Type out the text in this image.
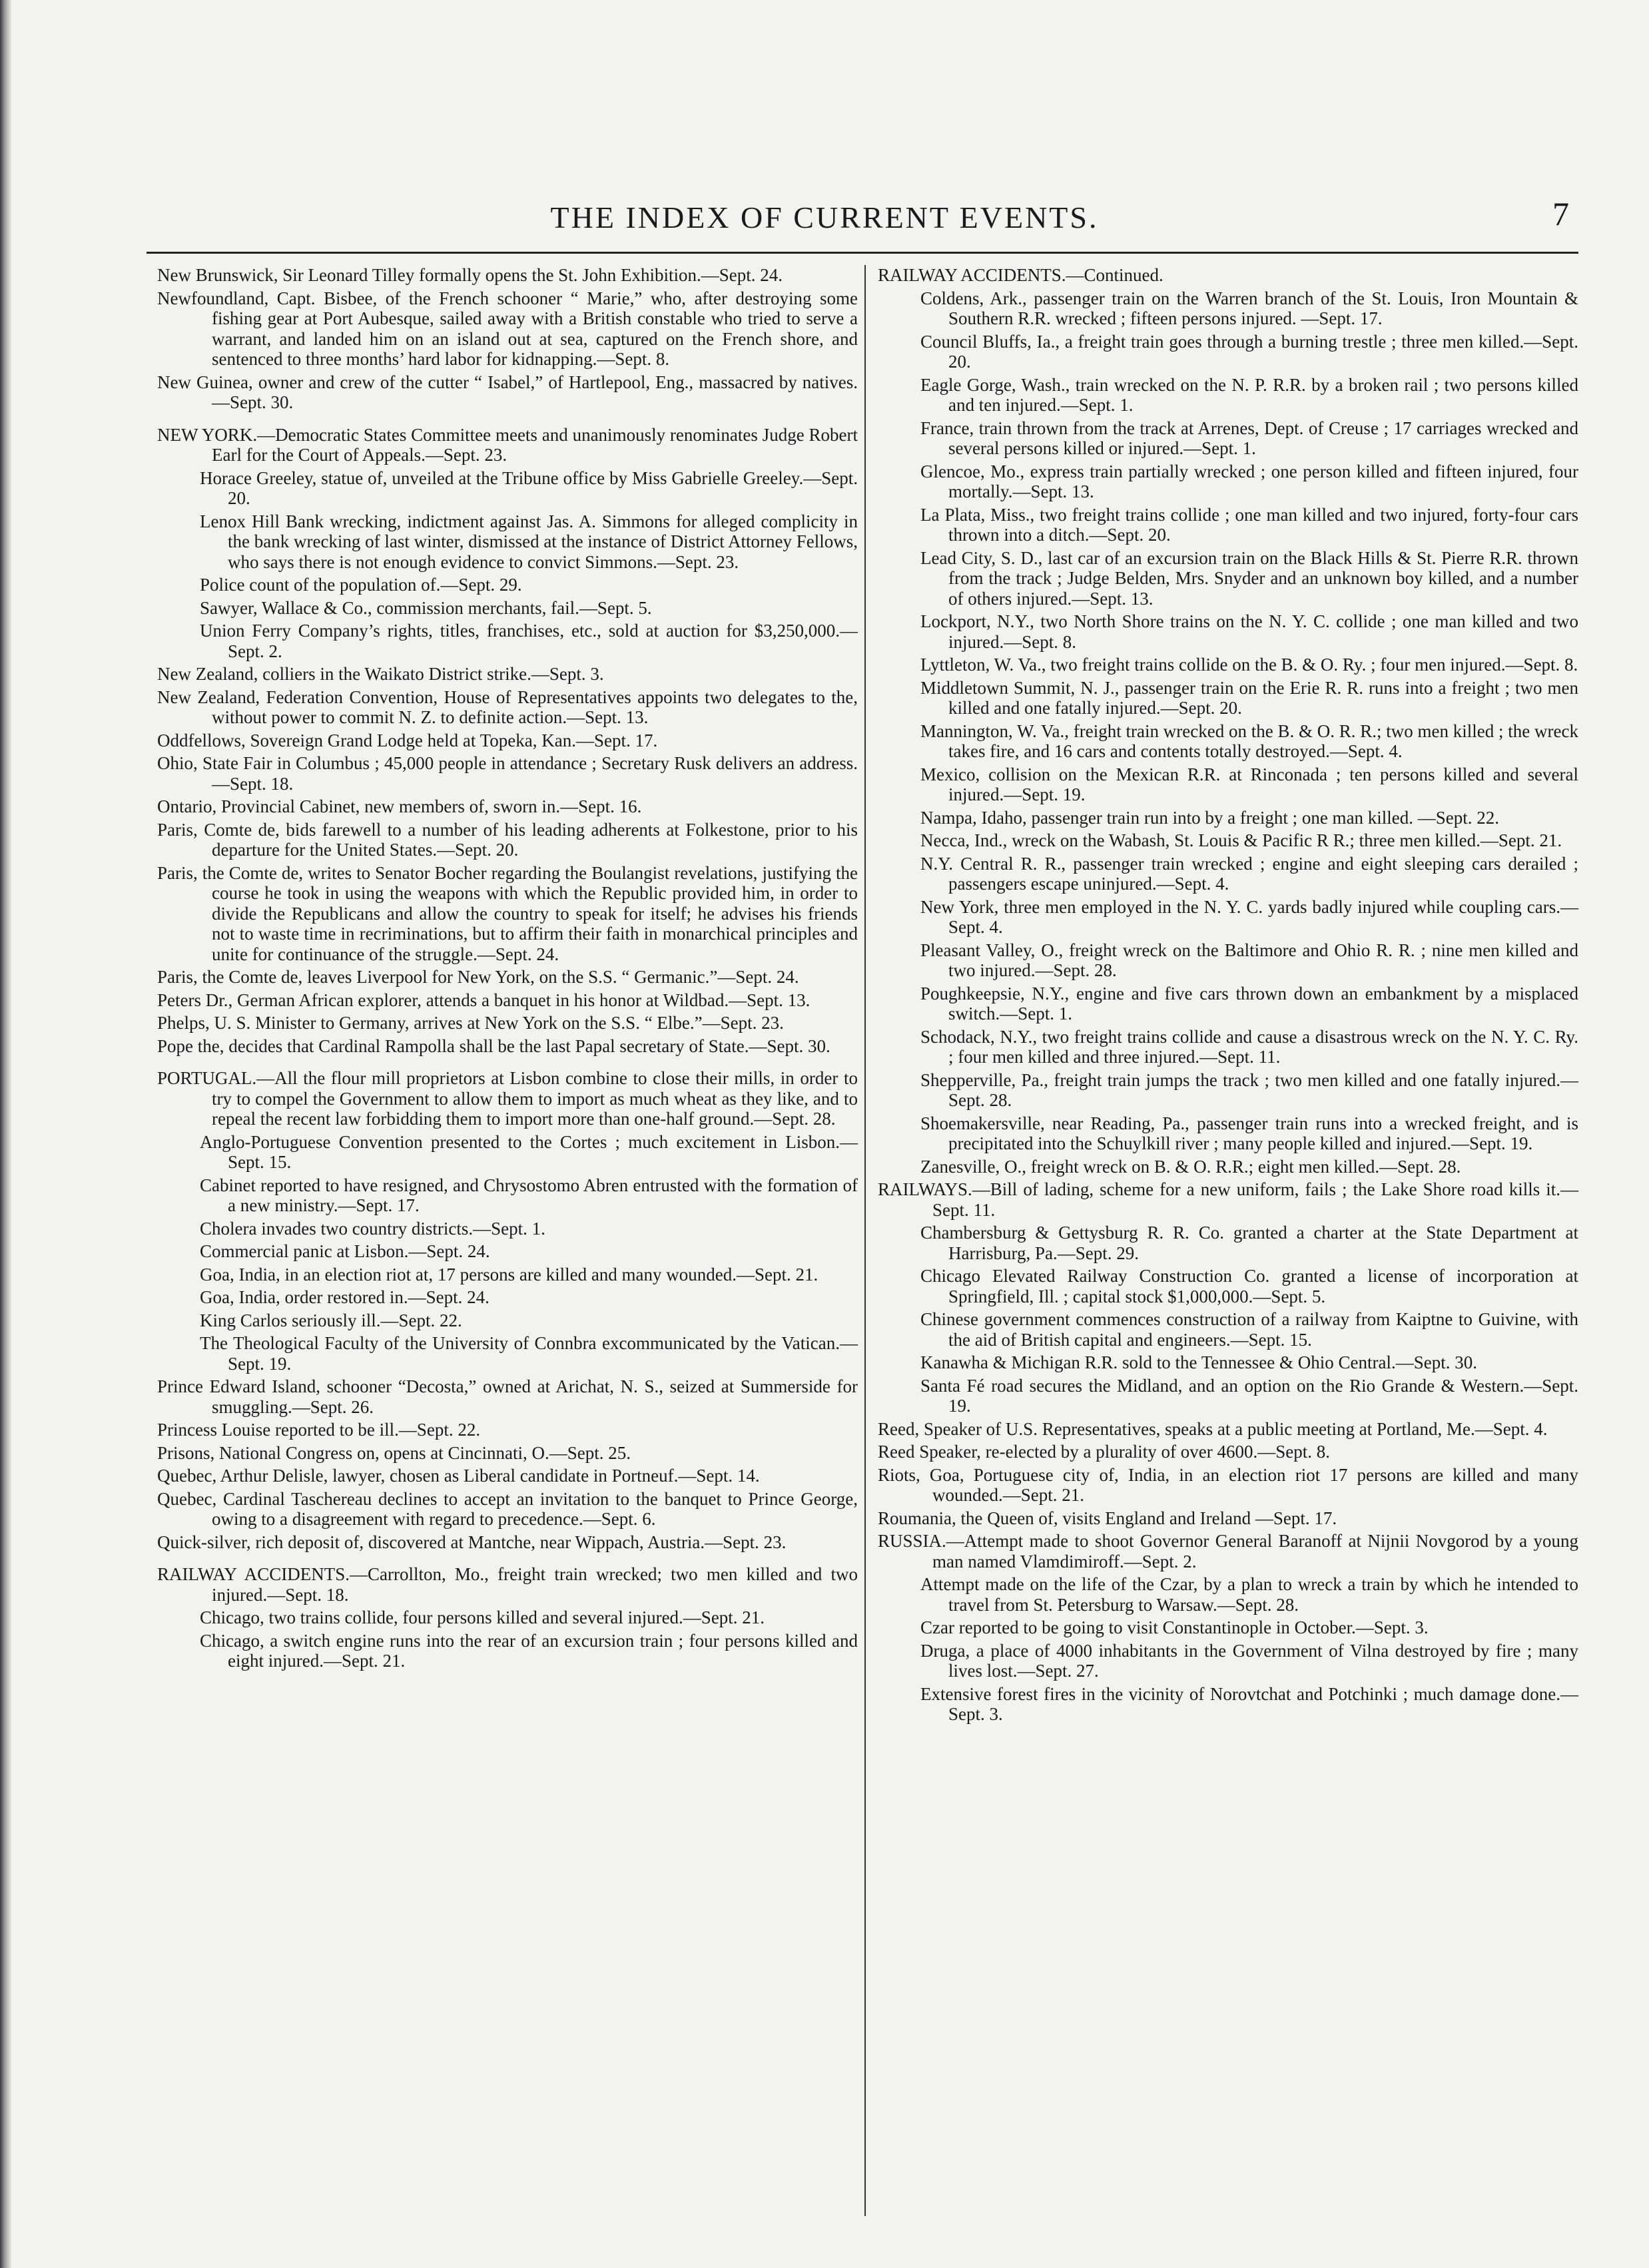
THE INDEX OF CURRENT EVENTS.	7

New Brunswick, Sir Leonard Tilley formally opens the St. John Exhibition.—Sept. 24.

Newfoundland, Capt. Bisbee, of the French schooner “ Marie,” who, after destroying some fishing gear at Port Aubesque, sailed away with a British constable who tried to serve a warrant, and landed him on an island out at sea, captured on the French shore, and sentenced to three months’ hard labor for kidnapping.—Sept. 8.

New Guinea, owner and crew of the cutter “ Isabel,” of Hartlepool, Eng., massacred by natives.—Sept. 30.

NEW YORK.—Democratic States Committee meets and unanimously renominates Judge Robert Earl for the Court of Appeals.—Sept. 23.

Horace Greeley, statue of, unveiled at the Tribune office by Miss Gabrielle Greeley.—Sept. 20.

Lenox Hill Bank wrecking, indictment against Jas. A. Simmons for alleged complicity in the bank wrecking of last winter, dismissed at the instance of District Attorney Fellows, who says there is not enough evidence to convict Simmons.—Sept. 23.

Police count of the population of.—Sept. 29.

Sawyer, Wallace & Co., commission merchants, fail.—Sept. 5.

Union Ferry Company’s rights, titles, franchises, etc., sold at auction for $3,250,000.—Sept. 2.

New Zealand, colliers in the Waikato District strike.—Sept. 3.

New Zealand, Federation Convention, House of Representatives appoints two delegates to the, without power to commit N. Z. to definite action.—Sept. 13.

Oddfellows, Sovereign Grand Lodge held at Topeka, Kan.—Sept. 17.

Ohio, State Fair in Columbus ; 45,000 people in attendance ; Secretary Rusk delivers an address.—Sept. 18.

Ontario, Provincial Cabinet, new members of, sworn in.—Sept. 16.

Paris, Comte de, bids farewell to a number of his leading adherents at Folkestone, prior to his departure for the United States.—Sept. 20.

Paris, the Comte de, writes to Senator Bocher regarding the Boulangist revelations, justifying the course he took in using the weapons with which the Republic provided him, in order to divide the Republicans and allow the country to speak for itself; he advises his friends not to waste time in recriminations, but to affirm their faith in monarchical principles and unite for continuance of the struggle.—Sept. 24.

Paris, the Comte de, leaves Liverpool for New York, on the S.S. “ Germanic.”—Sept. 24.

Peters Dr., German African explorer, attends a banquet in his honor at Wildbad.—Sept. 13.

Phelps, U. S. Minister to Germany, arrives at New York on the S.S. “ Elbe.”—Sept. 23.

Pope the, decides that Cardinal Rampolla shall be the last Papal secretary of State.—Sept. 30.

PORTUGAL.—All the flour mill proprietors at Lisbon combine to close their mills, in order to try to compel the Government to allow them to import as much wheat as they like, and to repeal the recent law forbidding them to import more than one-half ground.—Sept. 28.

Anglo-Portuguese Convention presented to the Cortes ; much excitement in Lisbon.—Sept. 15.

Cabinet reported to have resigned, and Chrysostomo Abren entrusted with the formation of a new ministry.—Sept. 17.

Cholera invades two country districts.—Sept. 1.

Commercial panic at Lisbon.—Sept. 24.

Goa, India, in an election riot at, 17 persons are killed and many wounded.—Sept. 21.

Goa, India, order restored in.—Sept. 24.

King Carlos seriously ill.—Sept. 22.

The Theological Faculty of the University of Connbra excommunicated by the Vatican.—Sept. 19.

Prince Edward Island, schooner “Decosta,” owned at Arichat, N. S., seized at Summerside for smuggling.—Sept. 26.

Princess Louise reported to be ill.—Sept. 22.

Prisons, National Congress on, opens at Cincinnati, O.—Sept. 25.

Quebec, Arthur Delisle, lawyer, chosen as Liberal candidate in Portneuf.—Sept. 14.

Quebec, Cardinal Taschereau declines to accept an invitation to the banquet to Prince George, owing to a disagreement with regard to precedence.—Sept. 6.

Quick-silver, rich deposit of, discovered at Mantche, near Wippach, Austria.—Sept. 23.

RAILWAY ACCIDENTS.—Carrollton, Mo., freight train wrecked; two men killed and two injured.—Sept. 18.

Chicago, two trains collide, four persons killed and several injured.—Sept. 21.

Chicago, a switch engine runs into the rear of an excursion train ; four persons killed and eight injured.—Sept. 21.

RAILWAY ACCIDENTS.—Continued.

Coldens, Ark., passenger train on the Warren branch of the St. Louis, Iron Mountain & Southern R.R. wrecked ; fifteen persons injured. —Sept. 17.

Council Bluffs, Ia., a freight train goes through a burning trestle ; three men killed.—Sept. 20.

Eagle Gorge, Wash., train wrecked on the N. P. R.R. by a broken rail ; two persons killed and ten injured.—Sept. 1.

France, train thrown from the track at Arrenes, Dept. of Creuse ; 17 carriages wrecked and several persons killed or injured.—Sept. 1.

Glencoe, Mo., express train partially wrecked ; one person killed and fifteen injured, four mortally.—Sept. 13.

La Plata, Miss., two freight trains collide ; one man killed and two injured, forty-four cars thrown into a ditch.—Sept. 20.

Lead City, S. D., last car of an excursion train on the Black Hills & St. Pierre R.R. thrown from the track ; Judge Belden, Mrs. Snyder and an unknown boy killed, and a number of others injured.—Sept. 13.

Lockport, N.Y., two North Shore trains on the N. Y. C. collide ; one man killed and two injured.—Sept. 8.

Lyttleton, W. Va., two freight trains collide on the B. & O. Ry. ; four men injured.—Sept. 8.

Middletown Summit, N. J., passenger train on the Erie R. R. runs into a freight ; two men killed and one fatally injured.—Sept. 20.

Mannington, W. Va., freight train wrecked on the B. & O. R. R.; two men killed ; the wreck takes fire, and 16 cars and contents totally destroyed.—Sept. 4.

Mexico, collision on the Mexican R.R. at Rinconada ; ten persons killed and several injured.—Sept. 19.

Nampa, Idaho, passenger train run into by a freight ; one man killed. —Sept. 22.

Necca, Ind., wreck on the Wabash, St. Louis & Pacific R R.; three men killed.—Sept. 21.

N.Y. Central R. R., passenger train wrecked ; engine and eight sleeping cars derailed ; passengers escape uninjured.—Sept. 4.

New York, three men employed in the N. Y. C. yards badly injured while coupling cars.—Sept. 4.

Pleasant Valley, O., freight wreck on the Baltimore and Ohio R. R. ; nine men killed and two injured.—Sept. 28.

Poughkeepsie, N.Y., engine and five cars thrown down an embankment by a misplaced switch.—Sept. 1.

Schodack, N.Y., two freight trains collide and cause a disastrous wreck on the N. Y. C. Ry. ; four men killed and three injured.—Sept. 11.

Shepperville, Pa., freight train jumps the track ; two men killed and one fatally injured.—Sept. 28.

Shoemakersville, near Reading, Pa., passenger train runs into a wrecked freight, and is precipitated into the Schuylkill river ; many people killed and injured.—Sept. 19.

Zanesville, O., freight wreck on B. & O. R.R.; eight men killed.—Sept. 28.

RAILWAYS.—Bill of lading, scheme for a new uniform, fails ; the Lake Shore road kills it.—Sept. 11.

Chambersburg & Gettysburg R. R. Co. granted a charter at the State Department at Harrisburg, Pa.—Sept. 29.

Chicago Elevated Railway Construction Co. granted a license of incorporation at Springfield, Ill. ; capital stock $1,000,000.—Sept. 5.

Chinese government commences construction of a railway from Kaiptne to Guivine, with the aid of British capital and engineers.—Sept. 15.

Kanawha & Michigan R.R. sold to the Tennessee & Ohio Central.—Sept. 30.

Santa Fé road secures the Midland, and an option on the Rio Grande & Western.—Sept. 19.

Reed, Speaker of U.S. Representatives, speaks at a public meeting at Portland, Me.—Sept. 4.

Reed Speaker, re-elected by a plurality of over 4600.—Sept. 8.

Riots, Goa, Portuguese city of, India, in an election riot 17 persons are killed and many wounded.—Sept. 21.

Roumania, the Queen of, visits England and Ireland —Sept. 17.

RUSSIA.—Attempt made to shoot Governor General Baranoff at Nijnii Novgorod by a young man named Vlamdimiroff.—Sept. 2.

Attempt made on the life of the Czar, by a plan to wreck a train by which he intended to travel from St. Petersburg to Warsaw.—Sept. 28.

Czar reported to be going to visit Constantinople in October.—Sept. 3.

Druga, a place of 4000 inhabitants in the Government of Vilna destroyed by fire ; many lives lost.—Sept. 27.

Extensive forest fires in the vicinity of Norovtchat and Potchinki ; much damage done.—Sept. 3.
